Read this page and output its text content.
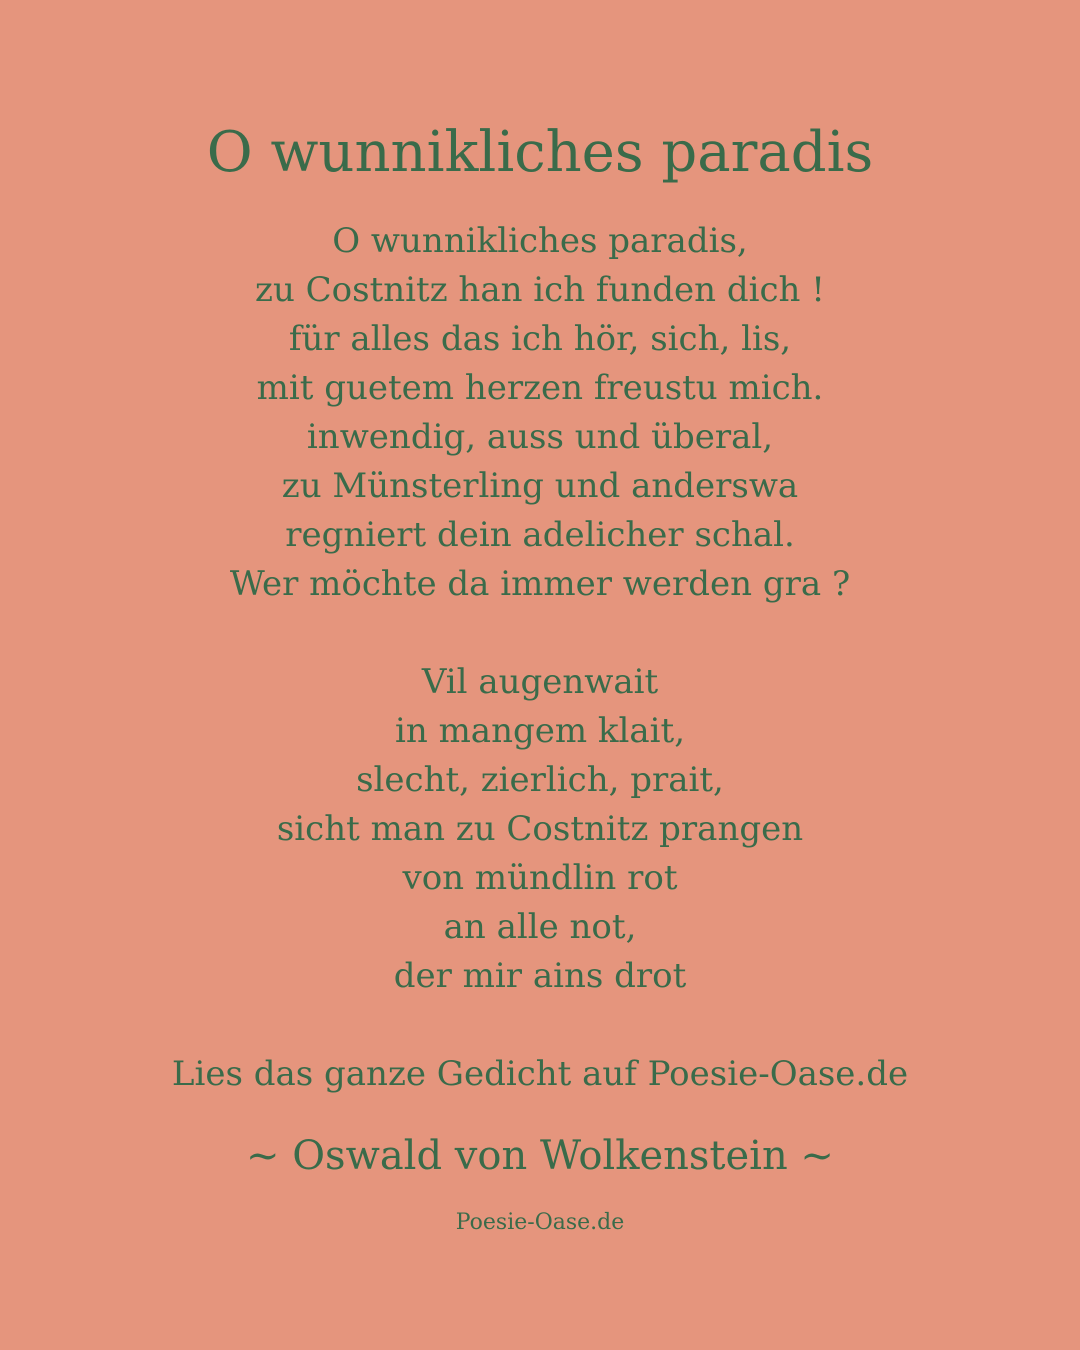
O wunnikliches paradis
O wunnikliches paradis,
zu Costnitz han ich funden dich !
für alles das ich hör, sich, lis,
mit guetem herzen freustu mich.
inwendig, auss und überal,
zu Münsterling und anderswa
regniert dein adelicher schal.
Wer möchte da immer werden gra ?
Vil augenwait
in mangem klait,
slecht, zierlich, prait,
sicht man zu Costnitz prangen
von mündlin rot
an alle not,
der mir ains drot
Lies das ganze Gedicht auf Poesie-Oase.de
~ Oswald von Wolkenstein ~
Poesie-Oase.de
